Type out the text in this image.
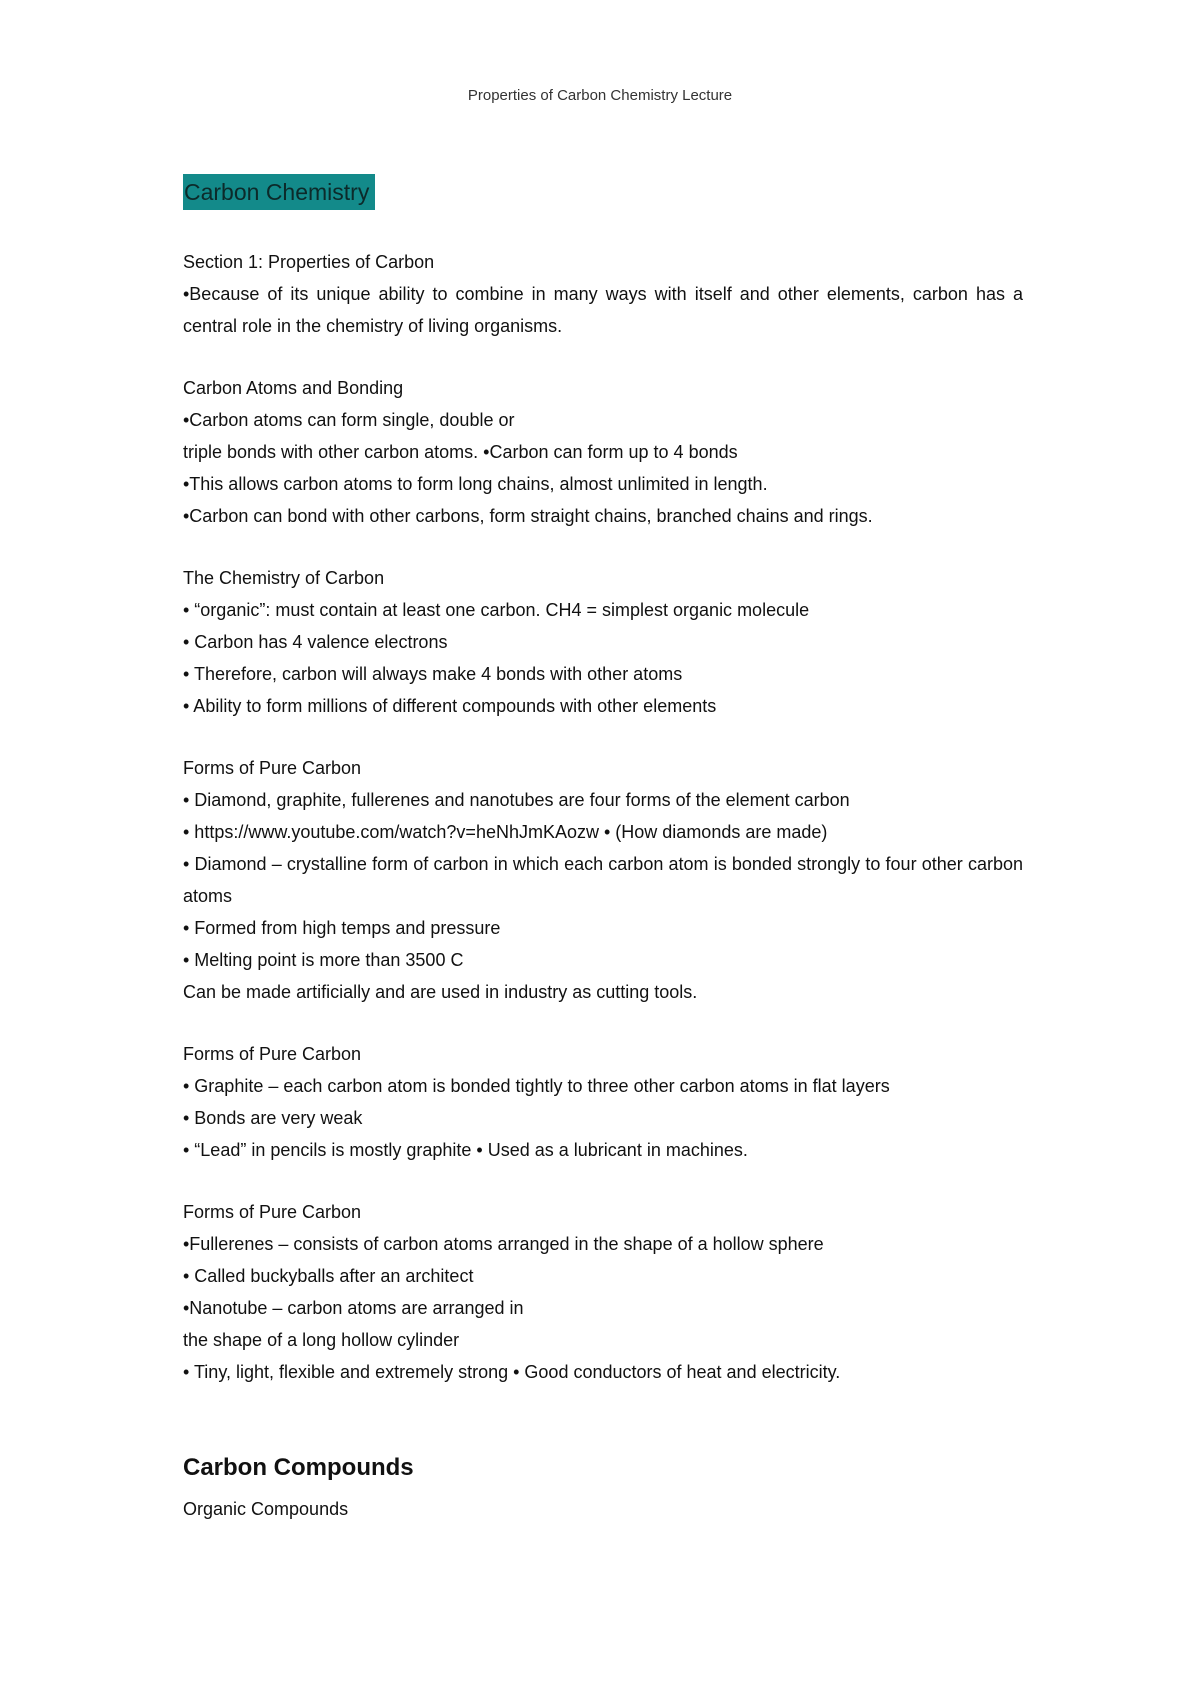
Properties of Carbon Chemistry Lecture
Carbon Chemistry

Section 1: Properties of Carbon

•Because of its unique ability to combine in many ways with itself and other elements, carbon has a central role in the chemistry of living organisms.

Carbon Atoms and Bonding

•Carbon atoms can form single, double or

triple bonds with other carbon atoms. •Carbon can form up to 4 bonds

•This allows carbon atoms to form long chains, almost unlimited in length.

•Carbon can bond with other carbons, form straight chains, branched chains and rings.

The Chemistry of Carbon

• “organic”: must contain at least one carbon. CH4 = simplest organic molecule

• Carbon has 4 valence electrons

• Therefore, carbon will always make 4 bonds with other atoms

• Ability to form millions of different compounds with other elements

Forms of Pure Carbon

• Diamond, graphite, fullerenes and nanotubes are four forms of the element carbon

• https://www.youtube.com/watch?v=heNhJmKAozw • (How diamonds are made)

• Diamond – crystalline form of carbon in which each carbon atom is bonded strongly to four other carbon atoms

• Formed from high temps and pressure

• Melting point is more than 3500 C

Can be made artificially and are used in industry as cutting tools.

Forms of Pure Carbon

• Graphite – each carbon atom is bonded tightly to three other carbon atoms in flat layers

• Bonds are very weak

• “Lead” in pencils is mostly graphite • Used as a lubricant in machines.

Forms of Pure Carbon

•Fullerenes – consists of carbon atoms arranged in the shape of a hollow sphere

• Called buckyballs after an architect

•Nanotube – carbon atoms are arranged in

the shape of a long hollow cylinder

• Tiny, light, flexible and extremely strong • Good conductors of heat and electricity.

Carbon Compounds

Organic Compounds
